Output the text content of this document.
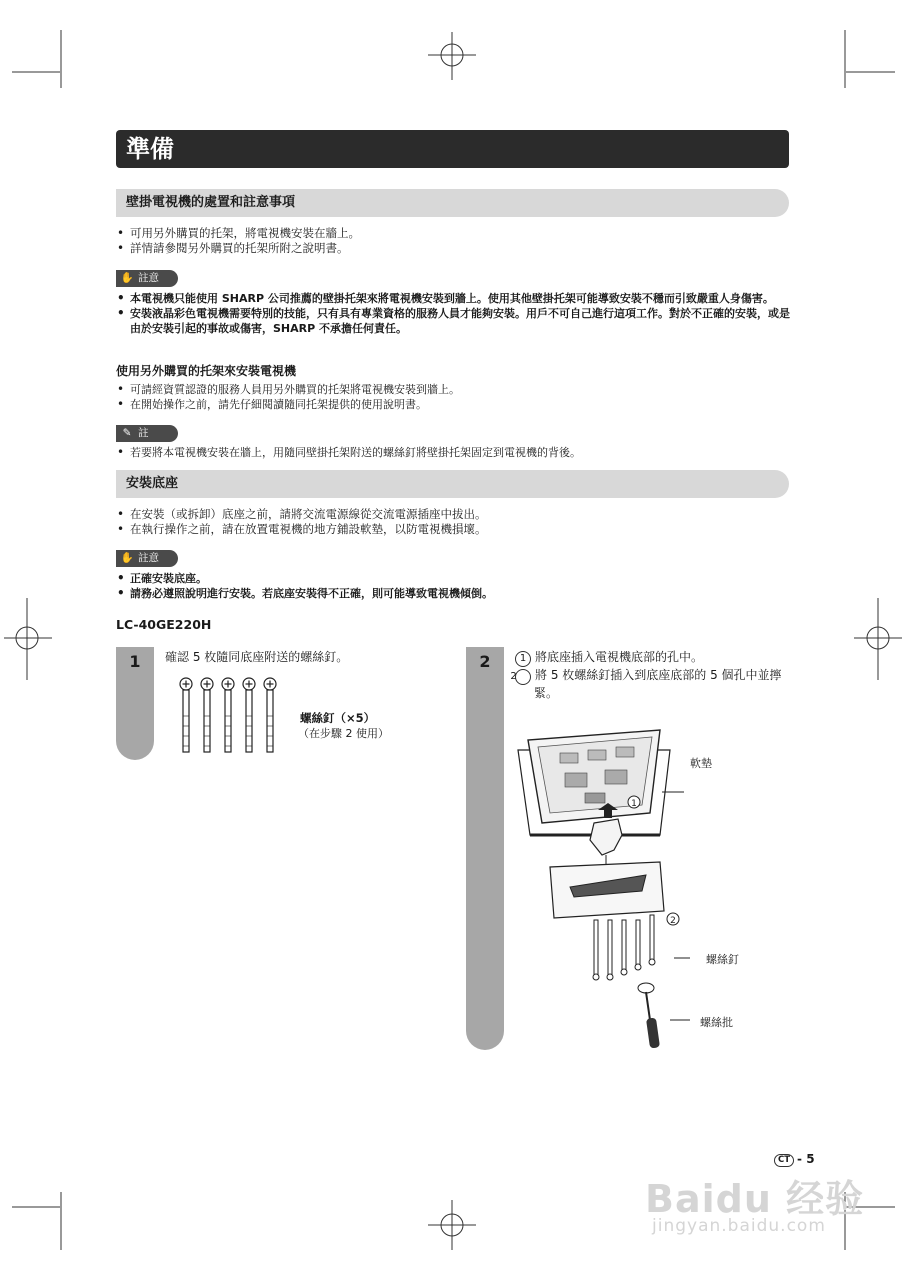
準備
壁掛電視機的處置和註意事項
• 可用另外購買的托架，將電視機安裝在牆上。
• 詳情請參閱另外購買的托架所附之說明書。
✋ 註意
• 本電視機只能使用 SHARP 公司推薦的壁掛托架來將電視機安裝到牆上。使用其他壁掛托架可能導致安裝不穩而引致嚴重人身傷害。
• 安裝液晶彩色電視機需要特別的技能，只有具有專業資格的服務人員才能夠安裝。用戶不可自己進行這項工作。對於不正確的安裝，或是由於安裝引起的事故或傷害，SHARP 不承擔任何責任。
使用另外購買的托架來安裝電視機
• 可請經資質認證的服務人員用另外購買的托架將電視機安裝到牆上。
• 在開始操作之前，請先仔細閱讀隨同托架提供的使用說明書。
✎ 註
• 若要將本電視機安裝在牆上，用隨同壁掛托架附送的螺絲釘將壁掛托架固定到電視機的背後。
安裝底座
• 在安裝（或拆卸）底座之前，請將交流電源線從交流電源插座中拔出。
• 在執行操作之前，請在放置電視機的地方鋪設軟墊，以防電視機損壞。
✋ 註意
• 正確安裝底座。
• 請務必遵照說明進行安裝。若底座安裝得不正確，則可能導致電視機傾倒。
LC-40GE220H
1	確認 5 枚隨同底座附送的螺絲釘。
螺絲釘（×5）
（在步驟 2 使用）
2	1 將底座插入電視機底部的孔中。
2 將 5 枚螺絲釘插入到底座底部的 5 個孔中並擰緊。
1
2
軟墊
螺絲釘
螺絲批
CT - 5
Baidu 经验
jingyan.baidu.com
